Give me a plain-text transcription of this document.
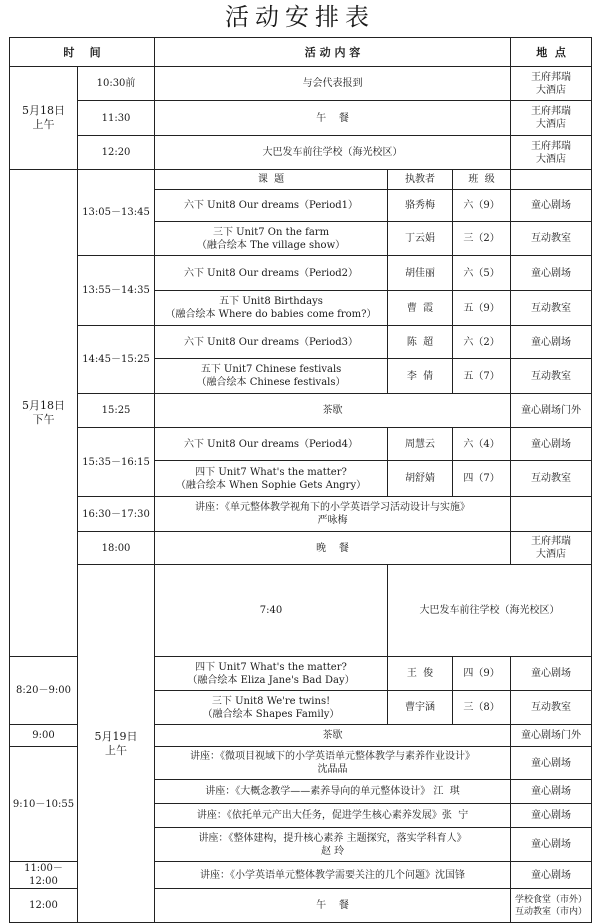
活动安排表
时    间		活 动 内 容			地  点	
5月18日
上午	10:30前	与会代表报到			王府邦瑞
大酒店	
	11:30	午    餐			王府邦瑞
大酒店	
	12:20	大巴发车前往学校（海光校区）			王府邦瑞
大酒店	
5月18日
下午	13:05－13:45	课  题	执教者	班  级		
		六下 Unit8 Our dreams（Period1）	骆秀梅	六（9）	童心剧场	
		三下 Unit7 On the farm
（融合绘本 The village show）	丁云娟	三（2）	互动教室	
	13:55－14:35	六下 Unit8 Our dreams（Period2）	胡佳丽	六（5）	童心剧场	
		五下 Unit8 Birthdays
（融合绘本 Where do babies come from?）	曹  霞	五（9）	互动教室	
	14:45－15:25	六下 Unit8 Our dreams（Period3）	陈  超	六（2）	童心剧场	
		五下 Unit7 Chinese festivals
（融合绘本 Chinese festivals）	李  倩	五（7）	互动教室	
	15:25	茶歇			童心剧场门外	
	15:35－16:15	六下 Unit8 Our dreams（Period4）	周慧云	六（4）	童心剧场	
		四下 Unit7 What's the matter?
（融合绘本 When Sophie Gets Angry）	胡舒婧	四（7）	互动教室	
	16:30－17:30	讲座：《单元整体教学视角下的小学英语学习活动设计与实施》
严咏梅				
	18:00	晚    餐			王府邦瑞
大酒店	
	5月19日
上午	7:40	大巴发车前往学校（海光校区）	
8:20－9:00		四下 Unit7 What's the matter?
（融合绘本 Eliza Jane's Bad Day）	王  俊	四（9）	童心剧场	
		三下 Unit8 We're twins!
（融合绘本 Shapes Family）	曹宇涵	三（8）	互动教室	
9:00		茶歇			童心剧场门外	
9:10－10:55		讲座：《微项目视域下的小学英语单元整体教学与素养作业设计》
沈晶晶			童心剧场	
		讲座：《大概念教学——素养导向的单元整体设计》 江  琪			童心剧场	
		讲座：《依托单元产出大任务，促进学生核心素养发展》张  宁			童心剧场	
		讲座：《整体建构，提升核心素养 主题探究，落实学科育人》
赵 玲			童心剧场	
11:00－12:00		讲座：《小学英语单元整体教学需要关注的几个问题》沈国锋			童心剧场	
12:00		午    餐			学校食堂（市外）
互动教室（市内）	
